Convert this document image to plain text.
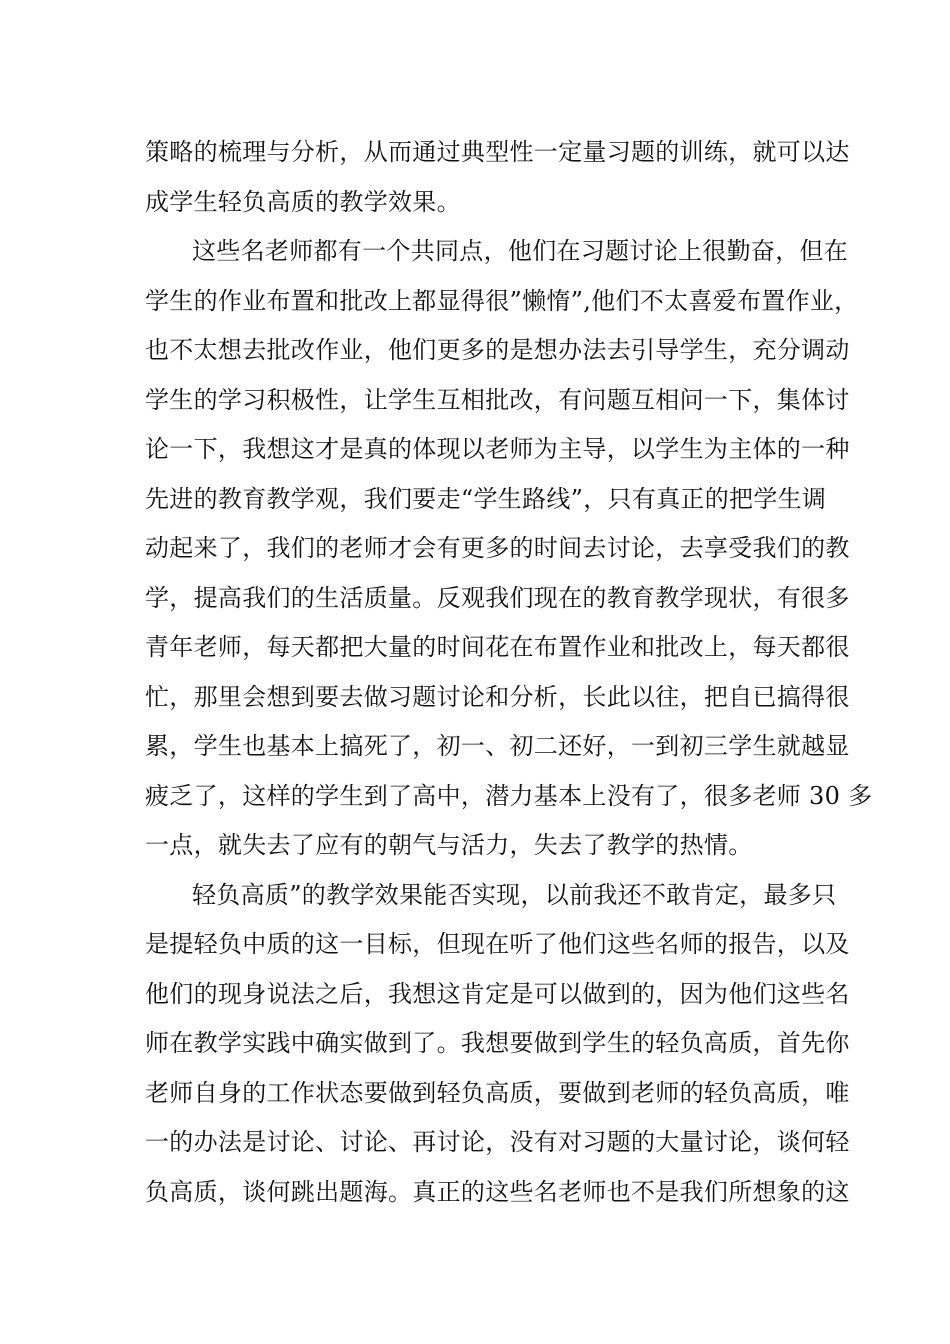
策略的梳理与分析，从而通过典型性一定量习题的训练，就可以达
成学生轻负高质的教学效果。
这些名老师都有一个共同点，他们在习题讨论上很勤奋，但在
学生的作业布置和批改上都显得很”懒惰”,他们不太喜爱布置作业，
也不太想去批改作业，他们更多的是想办法去引导学生，充分调动
学生的学习积极性，让学生互相批改，有问题互相问一下，集体讨
论一下，我想这才是真的体现以老师为主导，以学生为主体的一种
先进的教育教学观，我们要走“学生路线”，只有真正的把学生调
动起来了，我们的老师才会有更多的时间去讨论，去享受我们的教
学，提高我们的生活质量。反观我们现在的教育教学现状，有很多
青年老师，每天都把大量的时间花在布置作业和批改上，每天都很
忙，那里会想到要去做习题讨论和分析，长此以往，把自已搞得很
累，学生也基本上搞死了，初一、初二还好，一到初三学生就越显
疲乏了，这样的学生到了高中，潜力基本上没有了，很多老师 30 多
一点，就失去了应有的朝气与活力，失去了教学的热情。
轻负高质”的教学效果能否实现，以前我还不敢肯定，最多只
是提轻负中质的这一目标，但现在听了他们这些名师的报告，以及
他们的现身说法之后，我想这肯定是可以做到的，因为他们这些名
师在教学实践中确实做到了。我想要做到学生的轻负高质，首先你
老师自身的工作状态要做到轻负高质，要做到老师的轻负高质，唯
一的办法是讨论、讨论、再讨论，没有对习题的大量讨论，谈何轻
负高质，谈何跳出题海。真正的这些名老师也不是我们所想象的这
